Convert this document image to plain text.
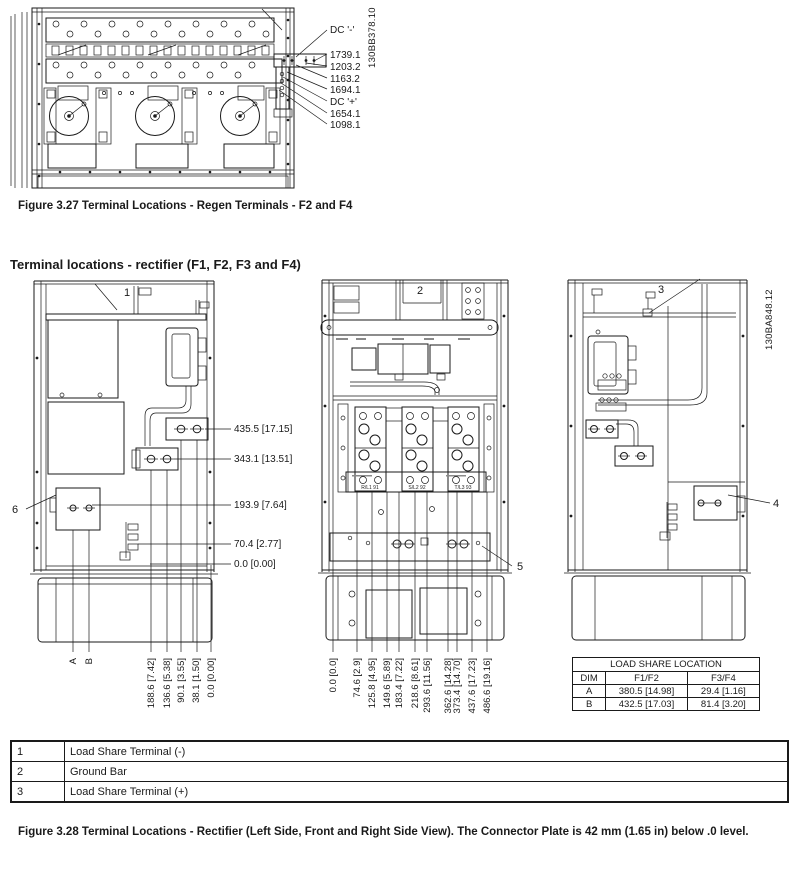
DC '-'
1739.1
1203.2
1163.2
1694.1
DC '+'
1654.1
1098.1
130BB378.10
Figure 3.27 Terminal Locations - Regen Terminals - F2 and F4
Terminal locations - rectifier (F1, F2, F3 and F4)
1
6
435.5 [17.15]
343.1 [13.51]
193.9 [7.64]
70.4 [2.77]
0.0 [0.00]
A B	188.6 [7.42] 136.6 [5.38] 90.1 [3.55] 38.1 [1.50] 0.0 [0.00]
R/L1 91	S/L2 92	T/L3 93
2
5
0.0 [0.0] 74.6 [2.9] 125.8 [4.95] 149.6 [5.89] 183.4 [7.22] 218.6 [8.61] 293.6 [11.56] 362.6 [14.28]
373.4 [14.70] 437.6 [17.23] 486.6 [19.16]
3
4
130BA848.12
LOAD SHARE LOCATION		
DIM	F1/F2	F3/F4
A	380.5 [14.98]	29.4 [1.16]
B	432.5 [17.03]	81.4 [3.20]
1	Load Share Terminal (-)
2	Ground Bar
3	Load Share Terminal (+)
Figure 3.28 Terminal Locations - Rectifier (Left Side, Front and Right Side View). The Connector Plate is 42 mm (1.65 in) below .0 level.
